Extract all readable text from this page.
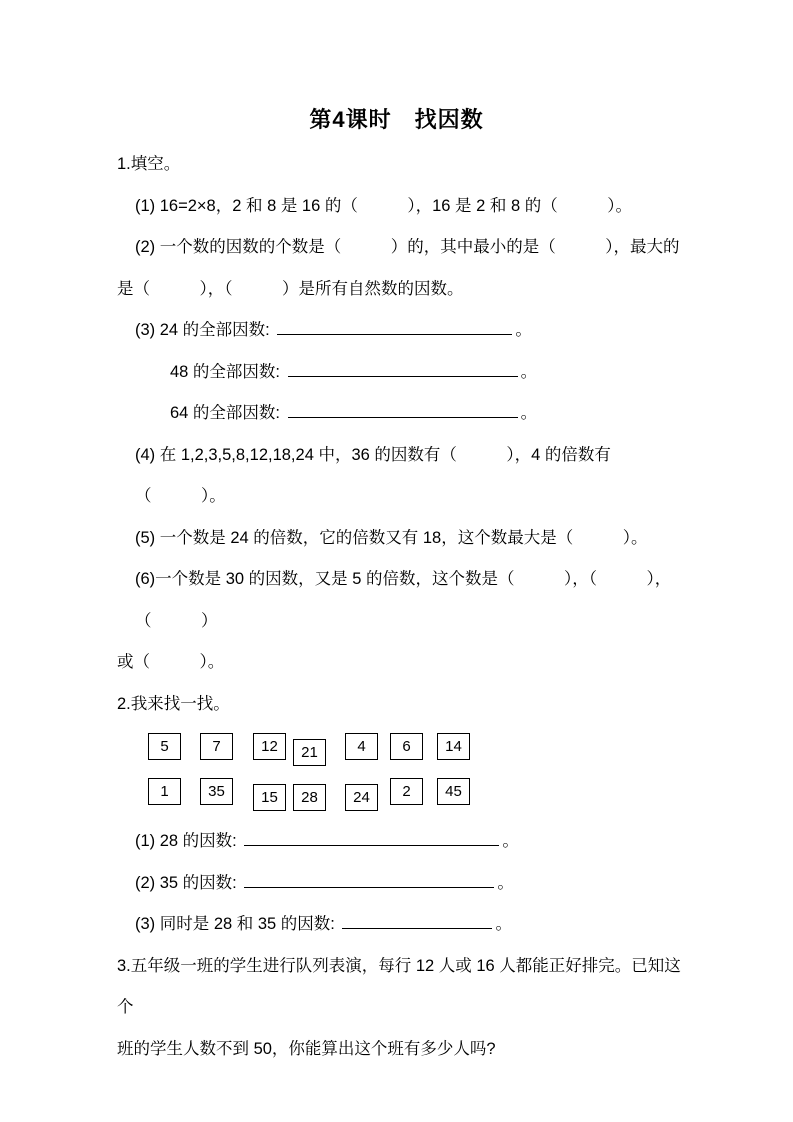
第4课时　找因数

1.填空。

(1) 16=2×8，2 和 8 是 16 的（　　　），16 是 2 和 8 的（　　　）。

(2) 一个数的因数的个数是（　　　）的，其中最小的是（　　　），最大的

是（　　　），（　　　）是所有自然数的因数。

(3) 24 的全部因数:	。

48 的全部因数:	。

64 的全部因数:	。

(4) 在 1,2,3,5,8,12,18,24 中，36 的因数有（　　　），4 的倍数有（　　　）。

(5) 一个数是 24 的倍数，它的倍数又有 18，这个数最大是（　　　）。

(6)一个数是 30 的因数，又是 5 的倍数，这个数是（　　　），（　　　），（　　　）

或（　　　）。

2.我来找一找。

5	7	12	21	4	6	14
1	35	15	28	24	2	45

(1) 28 的因数:	。

(2) 35 的因数:	。

(3) 同时是 28 和 35 的因数:	。

3.五年级一班的学生进行队列表演，每行 12 人或 16 人都能正好排完。已知这个

班的学生人数不到 50，你能算出这个班有多少人吗?
